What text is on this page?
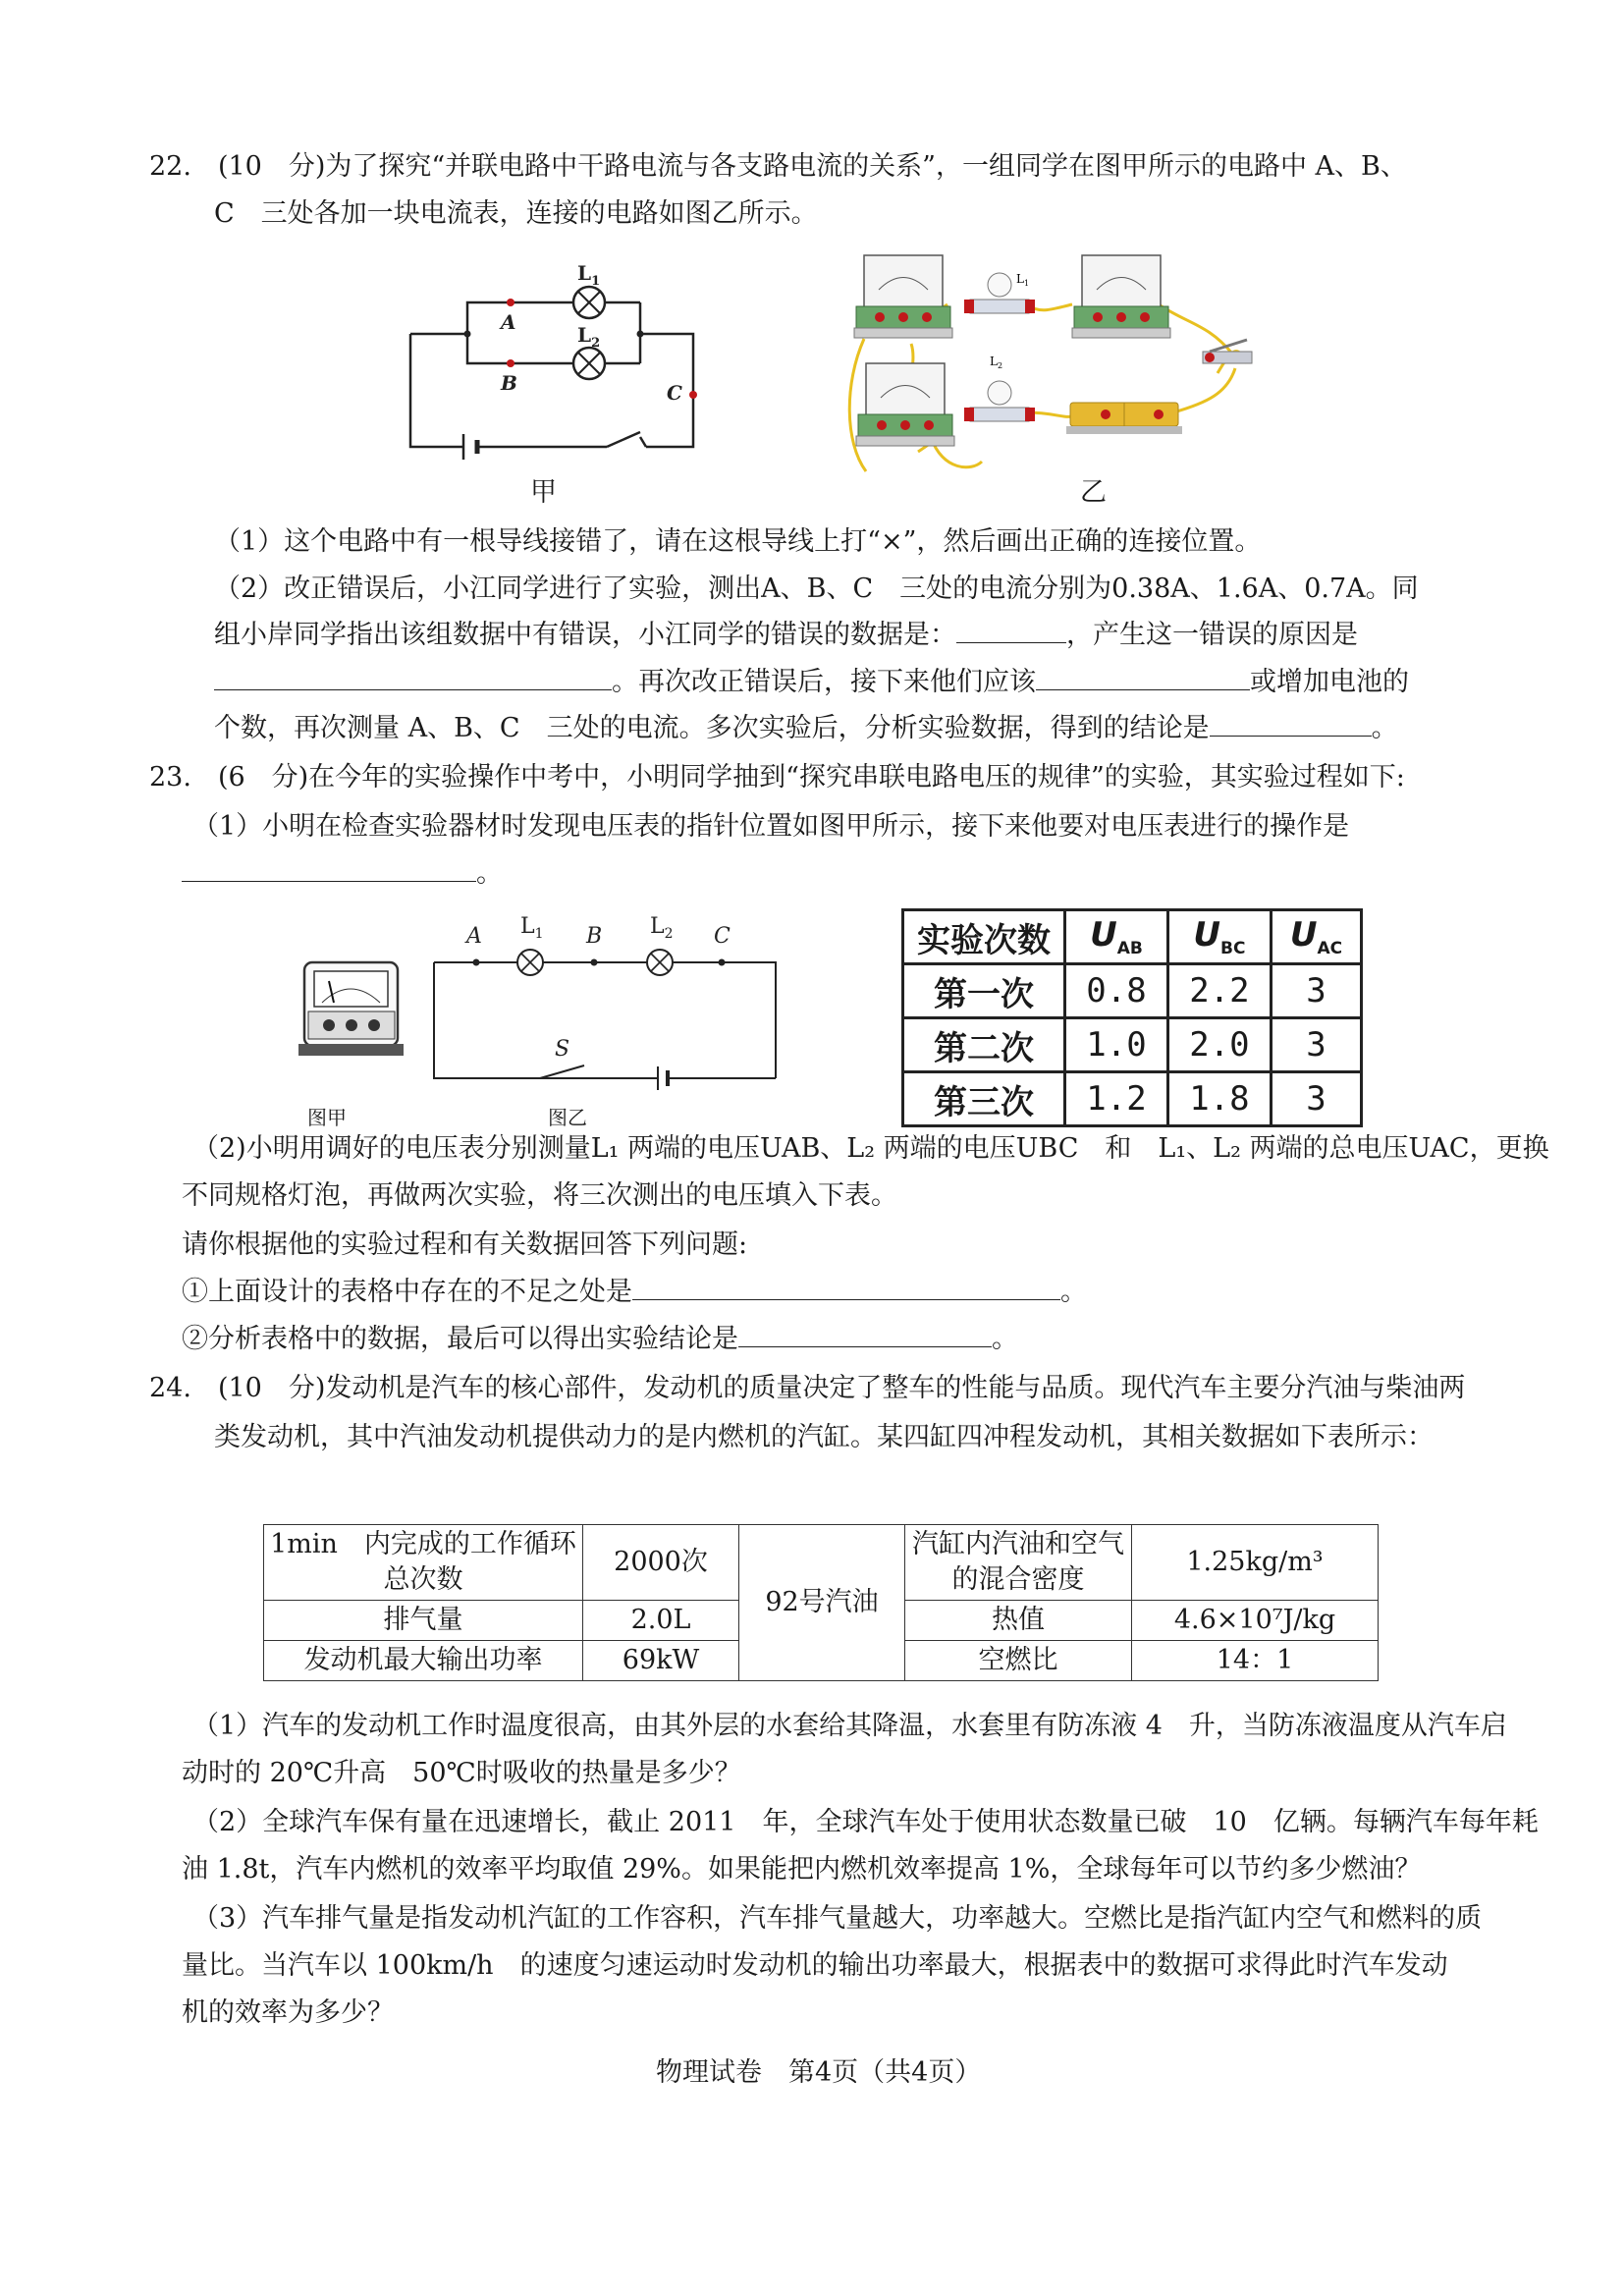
22.　(10　分)为了探究“并联电路中干路电流与各支路电流的关系”，一组同学在图甲所示的电路中 A、B、
C　三处各加一块电流表，连接的电路如图乙所示。
A
B	C
$L_1$
$L_2$
甲
$L_1$
$L_2$
乙
（1）这个电路中有一根导线接错了，请在这根导线上打“×”，然后画出正确的连接位置。
（2）改正错误后，小江同学进行了实验，测出A、B、C　三处的电流分别为0.38A、1.6A、0.7A。同
组小岸同学指出该组数据中有错误，小江同学的错误的数据是：	，产生这一错误的原因是
。再次改正错误后，接下来他们应该	或增加电池的
个数，再次测量 A、B、C　三处的电流。多次实验后，分析实验数据，得到的结论是	。
23.　(6　分)在今年的实验操作中考中，小明同学抽到“探究串联电路电压的规律”的实验，其实验过程如下:
（1）小明在检查实验器材时发现电压表的指针位置如图甲所示，接下来他要对电压表进行的操作是
。
图甲
A	B	C
S
$L_1$	$L_2$
图乙
实验次数	$U_{AB}$	$U_{BC}$	$U_{AC}$
第一次	0.8	2.2	3
第二次	1.0	2.0	3
第三次	1.2	1.8	3
（2)小明用调好的电压表分别测量L₁ 两端的电压UAB、L₂ 两端的电压UBC　和　L₁、L₂ 两端的总电压UAC，更换
不同规格灯泡，再做两次实验，将三次测出的电压填入下表。
请你根据他的实验过程和有关数据回答下列问题:
①上面设计的表格中存在的不足之处是	。
②分析表格中的数据，最后可以得出实验结论是	。
24.　(10　分)发动机是汽车的核心部件，发动机的质量决定了整车的性能与品质。现代汽车主要分汽油与柴油两
类发动机，其中汽油发动机提供动力的是内燃机的汽缸。某四缸四冲程发动机，其相关数据如下表所示：
1min　内完成的工作循环总次数	2000次	92号汽油	汽缸内汽油和空气的混合密度	1.25kg/m³
排气量	2.0L		热值	4.6×10⁷J/kg
发动机最大输出功率	69kW		空燃比	14：1
（1）汽车的发动机工作时温度很高，由其外层的水套给其降温，水套里有防冻液 4　升，当防冻液温度从汽车启
动时的 20℃升高　50℃时吸收的热量是多少？
（2）全球汽车保有量在迅速增长，截止 2011　年，全球汽车处于使用状态数量已破　10　亿辆。每辆汽车每年耗
油 1.8t，汽车内燃机的效率平均取值 29%。如果能把内燃机效率提高 1%，全球每年可以节约多少燃油？
（3）汽车排气量是指发动机汽缸的工作容积，汽车排气量越大，功率越大。空燃比是指汽缸内空气和燃料的质
量比。当汽车以 100km/h　的速度匀速运动时发动机的输出功率最大，根据表中的数据可求得此时汽车发动
机的效率为多少？
物理试卷　第4页（共4页）
